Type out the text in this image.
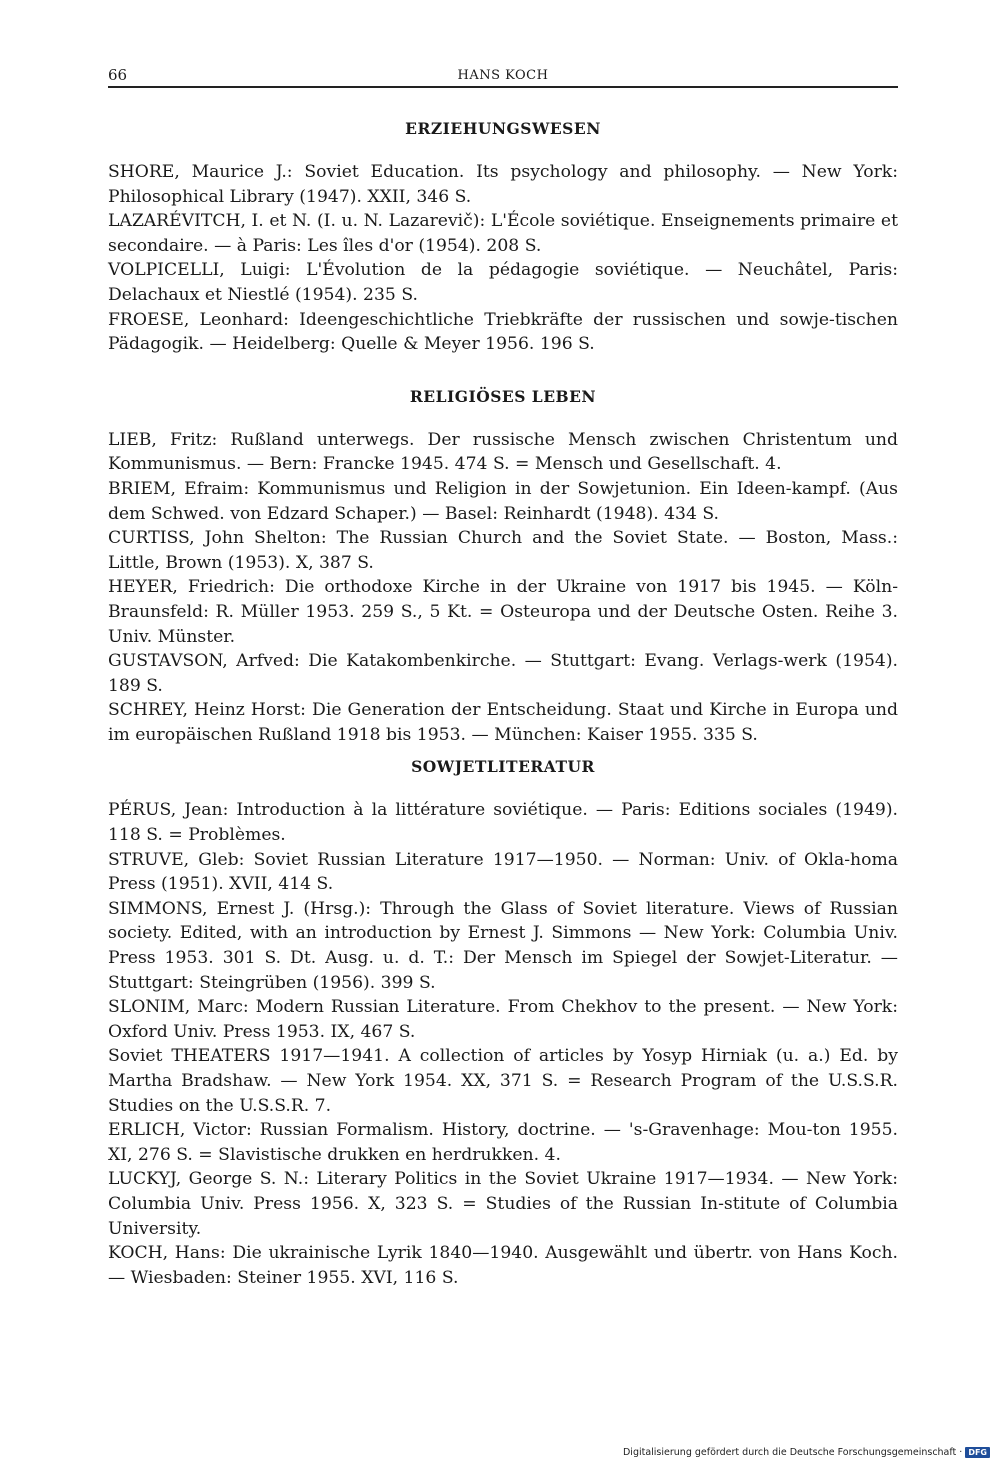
66	HANS KOCH
ERZIEHUNGSWESEN

SHORE, Maurice J.: Soviet Education. Its psychology and philosophy. — New York: Philosophical Library (1947). XXII, 346 S.

LAZARÉVITCH, I. et N. (I. u. N. Lazarevič): L'École soviétique. Enseignements primaire et secondaire. — à Paris: Les îles d'or (1954). 208 S.

VOLPICELLI, Luigi: L'Évolution de la pédagogie soviétique. — Neuchâtel, Paris: Delachaux et Niestlé (1954). 235 S.

FROESE, Leonhard: Ideengeschichtliche Triebkräfte der russischen und sowje-tischen Pädagogik. — Heidelberg: Quelle & Meyer 1956. 196 S.

RELIGIÖSES LEBEN

LIEB, Fritz: Rußland unterwegs. Der russische Mensch zwischen Christentum und Kommunismus. — Bern: Francke 1945. 474 S. = Mensch und Gesellschaft. 4.

BRIEM, Efraim: Kommunismus und Religion in der Sowjetunion. Ein Ideen-kampf. (Aus dem Schwed. von Edzard Schaper.) — Basel: Reinhardt (1948). 434 S.

CURTISS, John Shelton: The Russian Church and the Soviet State. — Boston, Mass.: Little, Brown (1953). X, 387 S.

HEYER, Friedrich: Die orthodoxe Kirche in der Ukraine von 1917 bis 1945. — Köln-Braunsfeld: R. Müller 1953. 259 S., 5 Kt. = Osteuropa und der Deutsche Osten. Reihe 3. Univ. Münster.

GUSTAVSON, Arfved: Die Katakombenkirche. — Stuttgart: Evang. Verlags-werk (1954). 189 S.

SCHREY, Heinz Horst: Die Generation der Entscheidung. Staat und Kirche in Europa und im europäischen Rußland 1918 bis 1953. — München: Kaiser 1955. 335 S.

SOWJETLITERATUR

PÉRUS, Jean: Introduction à la littérature soviétique. — Paris: Editions sociales (1949). 118 S. = Problèmes.

STRUVE, Gleb: Soviet Russian Literature 1917—1950. — Norman: Univ. of Okla-homa Press (1951). XVII, 414 S.

SIMMONS, Ernest J. (Hrsg.): Through the Glass of Soviet literature. Views of Russian society. Edited, with an introduction by Ernest J. Simmons — New York: Columbia Univ. Press 1953. 301 S. Dt. Ausg. u. d. T.: Der Mensch im Spiegel der Sowjet-Literatur. — Stuttgart: Steingrüben (1956). 399 S.

SLONIM, Marc: Modern Russian Literature. From Chekhov to the present. — New York: Oxford Univ. Press 1953. IX, 467 S.

Soviet THEATERS 1917—1941. A collection of articles by Yosyp Hirniak (u. a.) Ed. by Martha Bradshaw. — New York 1954. XX, 371 S. = Research Program of the U.S.S.R. Studies on the U.S.S.R. 7.

ERLICH, Victor: Russian Formalism. History, doctrine. — 's-Gravenhage: Mou-ton 1955. XI, 276 S. = Slavistische drukken en herdrukken. 4.

LUCKYJ, George S. N.: Literary Politics in the Soviet Ukraine 1917—1934. — New York: Columbia Univ. Press 1956. X, 323 S. = Studies of the Russian In-stitute of Columbia University.

KOCH, Hans: Die ukrainische Lyrik 1840—1940. Ausgewählt und übertr. von Hans Koch. — Wiesbaden: Steiner 1955. XVI, 116 S.

Digitalisierung gefördert durch die Deutsche Forschungsgemeinschaft · DFG
